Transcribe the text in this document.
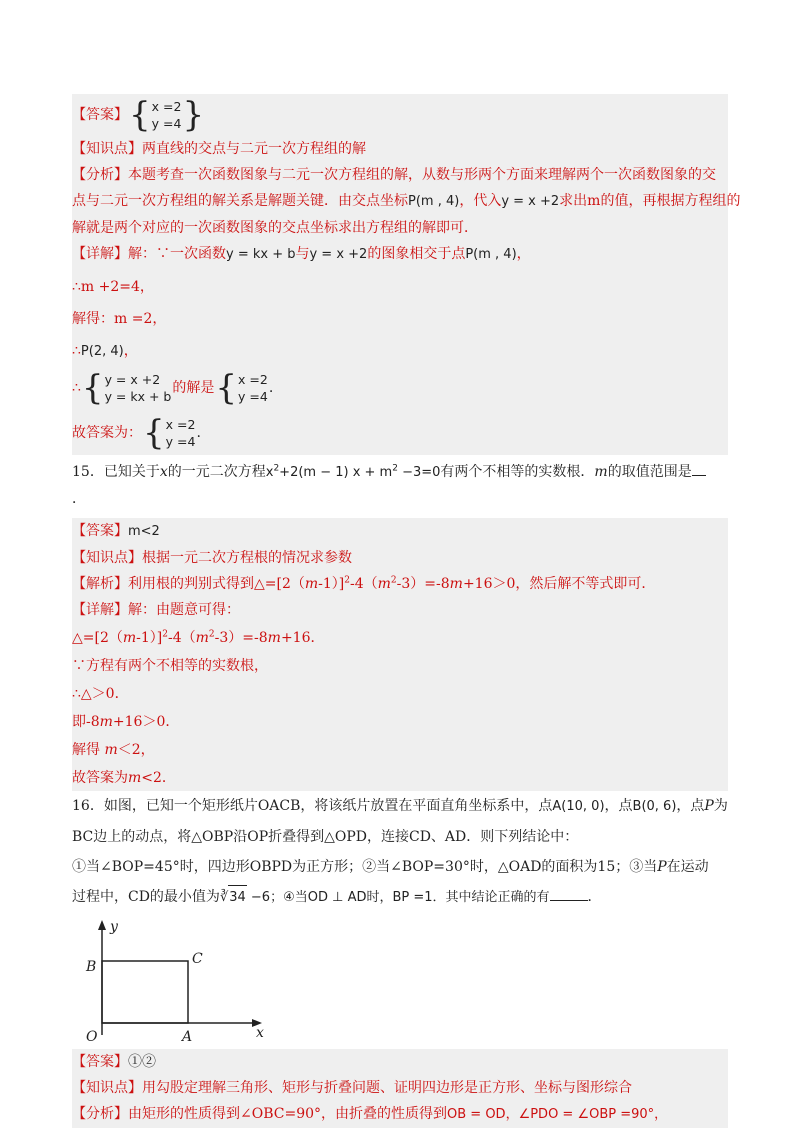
【答案】 { x =2
y =4 }
【知识点】两直线的交点与二元一次方程组的解
【分析】本题考查一次函数图象与二元一次方程组的解，从数与形两个方面来理解两个一次函数图象的交
点与二元一次方程组的解关系是解题关键．由交点坐标P(m , 4)，代入y = x +2求出m的值，再根据方程组的
解就是两个对应的一次函数图象的交点坐标求出方程组的解即可．
【详解】解：∵一次函数y = kx + b与y = x +2的图象相交于点P(m , 4)，
∴m +2=4，
解得：m =2，
∴P(2, 4)，
∴ { y = x +2
y = kx + b
的解是 { x =2
y =4
.
故答案为： { x =2
y =4
.
15．已知关于x的一元二次方程$x^2+2(m - 1) x + m^2 -3=0$有两个不相等的实数根．m的取值范围是
．
【答案】m<2
【知识点】根据一元二次方程根的情况求参数
【解析】利用根的判别式得到$\triangle=[2(m-1)]^2-4(m^2-3)=-8m+16>0$，然后解不等式即可．
【详解】解：由题意可得：
$\triangle=[2(m-1)]^2-4(m^2-3)=-8m+16$．
∵方程有两个不相等的实数根，
∴△＞0．
即-8m+16＞0．
解得 m＜2，
故答案为m<2．
16．如图，已知一个矩形纸片OACB，将该纸片放置在平面直角坐标系中，点A(10, 0)，点B(0, 6)，点P为
BC边上的动点，将△OBP沿OP折叠得到△OPD，连接CD、AD．则下列结论中：
①当∠BOP=45°时，四边形OBPD为正方形；②当∠BOP=30°时，△OAD的面积为15；③当P在运动
过程中，CD的最小值为∛ 34 −6；④当OD ⊥ AD时，BP =1．其中结论正确的有	．
y
x
O	A
B	C
【答案】①②
【知识点】用勾股定理解三角形、矩形与折叠问题、证明四边形是正方形、坐标与图形综合
【分析】由矩形的性质得到∠OBC=90°，由折叠的性质得到OB = OD，∠PDO = ∠OBP =90°，
